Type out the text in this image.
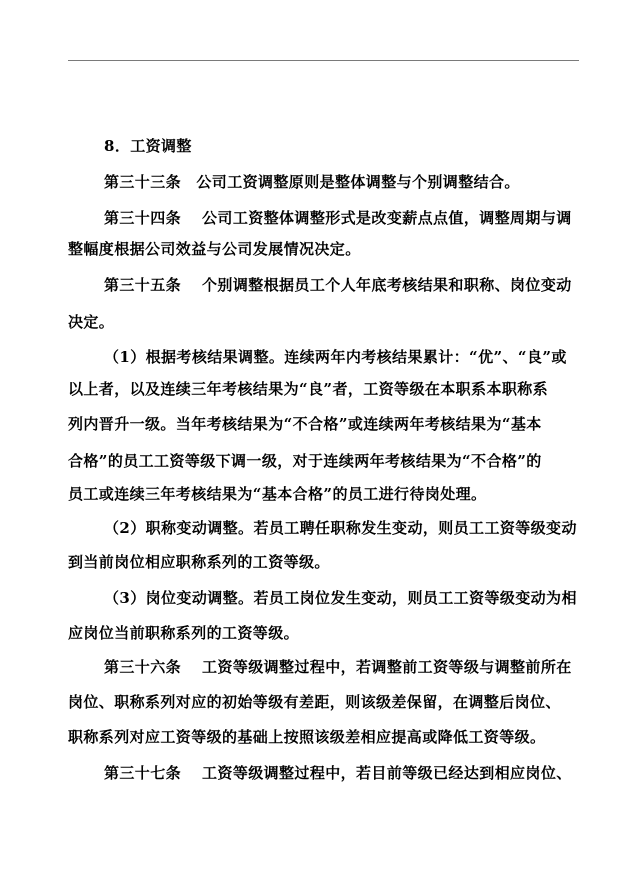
8．工资调整
第三十三条　公司工资调整原则是整体调整与个别调整结合。
第三十四条　 公司工资整体调整形式是改变薪点点值，调整周期与调
整幅度根据公司效益与公司发展情况决定。
第三十五条　 个别调整根据员工个人年底考核结果和职称、岗位变动
决定。
（1）根据考核结果调整。连续两年内考核结果累计：“优”、“良”或
以上者，以及连续三年考核结果为“良”者，工资等级在本职系本职称系
列内晋升一级。当年考核结果为“不合格”或连续两年考核结果为“基本
合格”的员工工资等级下调一级，对于连续两年考核结果为“不合格”的
员工或连续三年考核结果为“基本合格”的员工进行待岗处理。
（2）职称变动调整。若员工聘任职称发生变动，则员工工资等级变动
到当前岗位相应职称系列的工资等级。
（3）岗位变动调整。若员工岗位发生变动，则员工工资等级变动为相
应岗位当前职称系列的工资等级。
第三十六条　 工资等级调整过程中，若调整前工资等级与调整前所在
岗位、职称系列对应的初始等级有差距，则该级差保留，在调整后岗位、
职称系列对应工资等级的基础上按照该级差相应提高或降低工资等级。
第三十七条　 工资等级调整过程中，若目前等级已经达到相应岗位、
